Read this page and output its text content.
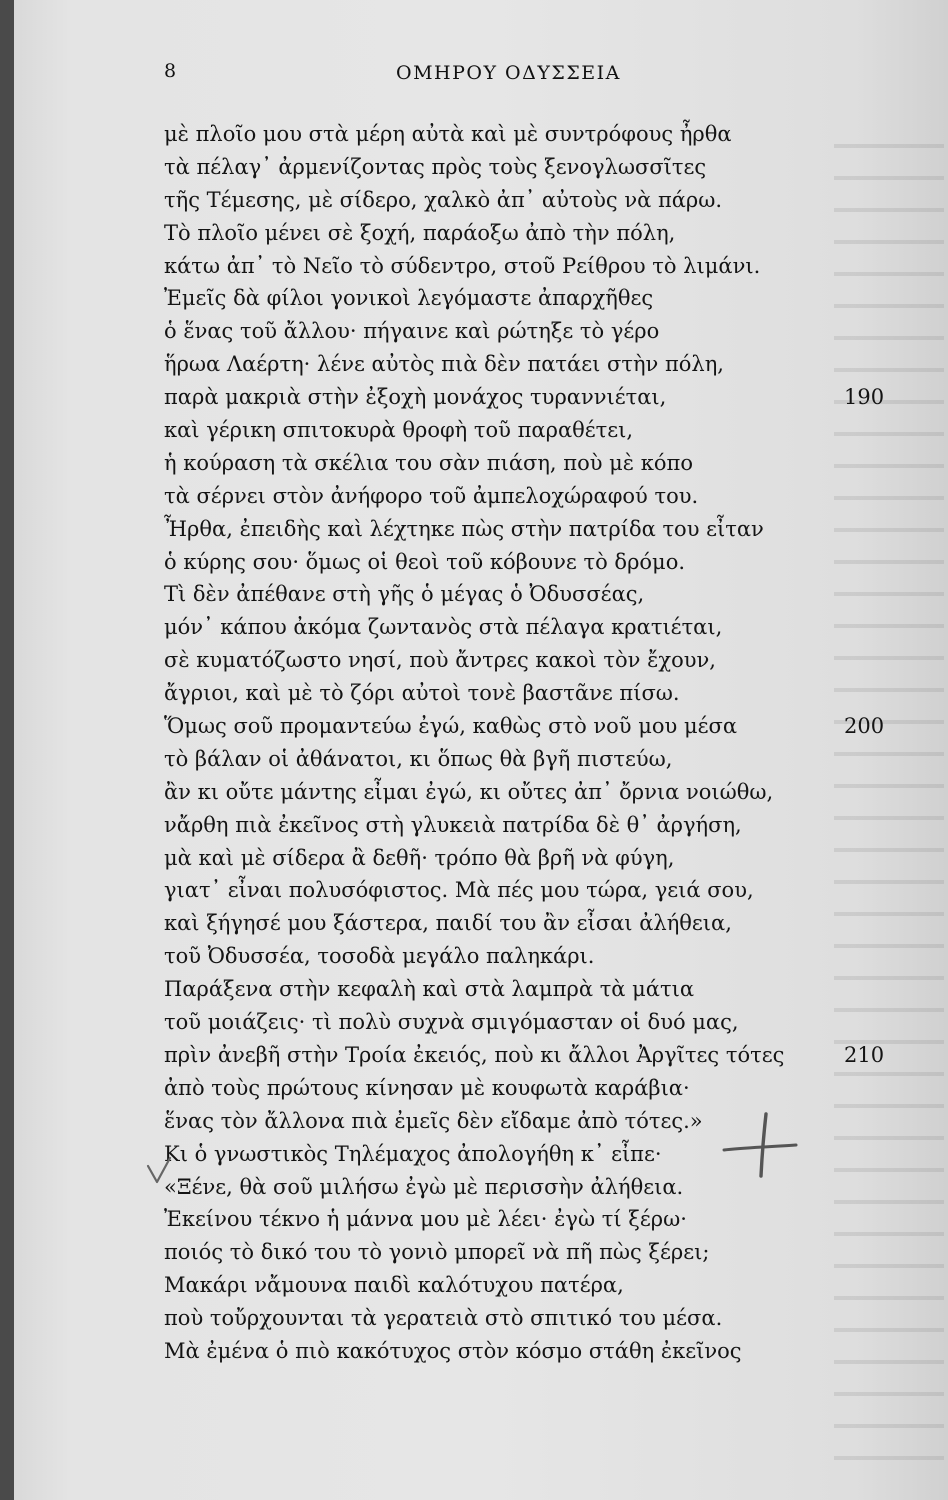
8	ΟΜΗΡΟΥ ΟΔΥΣΣΕΙΑ
μὲ πλοῖο μου στὰ μέρη αὐτὰ καὶ μὲ συντρόφους ἦρθα
τὰ πέλαγ᾽ ἀρμενίζοντας πρὸς τοὺς ξενογλωσσῖτες
τῆς Τέμεσης, μὲ σίδερο, χαλκὸ ἀπ᾽ αὐτοὺς νὰ πάρω.
Τὸ πλοῖο μένει σὲ ξοχή, παράοξω ἀπὸ τὴν πόλη,
κάτω ἀπ᾽ τὸ Νεῖο τὸ σύδεντρο, στοῦ Ρείθρου τὸ λιμάνι.
Ἐμεῖς δὰ φίλοι γονικοὶ λεγόμαστε ἀπαρχῆθες
ὁ ἕνας τοῦ ἄλλου· πήγαινε καὶ ρώτηξε τὸ γέρο
ἥρωα Λαέρτη· λένε αὐτὸς πιὰ δὲν πατάει στὴν πόλη,
παρὰ μακριὰ στὴν ἐξοχὴ μονάχος τυραννιέται,	190
καὶ γέρικη σπιτοκυρὰ θροφὴ τοῦ παραθέτει,
ἡ κούραση τὰ σκέλια του σὰν πιάση, ποὺ μὲ κόπο
τὰ σέρνει στὸν ἀνήφορο τοῦ ἀμπελοχώραφού του.
Ἦρθα, ἐπειδὴς καὶ λέχτηκε πὼς στὴν πατρίδα του εἶταν
ὁ κύρης σου· ὅμως οἱ θεοὶ τοῦ κόβουνε τὸ δρόμο.
Τὶ δὲν ἀπέθανε στὴ γῆς ὁ μέγας ὁ Ὀδυσσέας,
μόν᾽ κάπου ἀκόμα ζωντανὸς στὰ πέλαγα κρατιέται,
σὲ κυματόζωστο νησί, ποὺ ἄντρες κακοὶ τὸν ἔχουν,
ἄγριοι, καὶ μὲ τὸ ζόρι αὐτοὶ τονὲ βαστᾶνε πίσω.
Ὅμως σοῦ προμαντεύω ἐγώ, καθὼς στὸ νοῦ μου μέσα	200
τὸ βάλαν οἱ ἀθάνατοι, κι ὅπως θὰ βγῆ πιστεύω,
ἂν κι οὔτε μάντης εἶμαι ἐγώ, κι οὔτες ἀπ᾽ ὄρνια νοιώθω,
νἄρθη πιὰ ἐκεῖνος στὴ γλυκειὰ πατρίδα δὲ θ᾽ ἀργήση,
μὰ καὶ μὲ σίδερα ἂ δεθῆ· τρόπο θὰ βρῆ νὰ φύγη,
γιατ᾽ εἶναι πολυσόφιστος. Μὰ πές μου τώρα, γειά σου,
καὶ ξήγησέ μου ξάστερα, παιδί του ἂν εἶσαι ἀλήθεια,
τοῦ Ὀδυσσέα, τοσοδὰ μεγάλο παληκάρι.
Παράξενα στὴν κεφαλὴ καὶ στὰ λαμπρὰ τὰ μάτια
τοῦ μοιάζεις· τὶ πολὺ συχνὰ σμιγόμασταν οἱ δυό μας,
πρὶν ἀνεβῆ στὴν Τροία ἐκειός, ποὺ κι ἄλλοι Ἀργῖτες τότες	210
ἀπὸ τοὺς πρώτους κίνησαν μὲ κουφωτὰ καράβια·
ἕνας τὸν ἄλλονα πιὰ ἐμεῖς δὲν εἴδαμε ἀπὸ τότες.»
Κι ὁ γνωστικὸς Τηλέμαχος ἀπολογήθη κ᾽ εἶπε·
«Ξένε, θὰ σοῦ μιλήσω ἐγὼ μὲ περισσὴν ἀλήθεια.
Ἐκείνου τέκνο ἡ μάννα μου μὲ λέει· ἐγὼ τί ξέρω·
ποιός τὸ δικό του τὸ γονιὸ μπορεῖ νὰ πῆ πὼς ξέρει;
Μακάρι νἄμουνα παιδὶ καλότυχου πατέρα,
ποὺ τοὔρχουνται τὰ γερατειὰ στὸ σπιτικό του μέσα.
Μὰ ἐμένα ὁ πιὸ κακότυχος στὸν κόσμο στάθη ἐκεῖνος
